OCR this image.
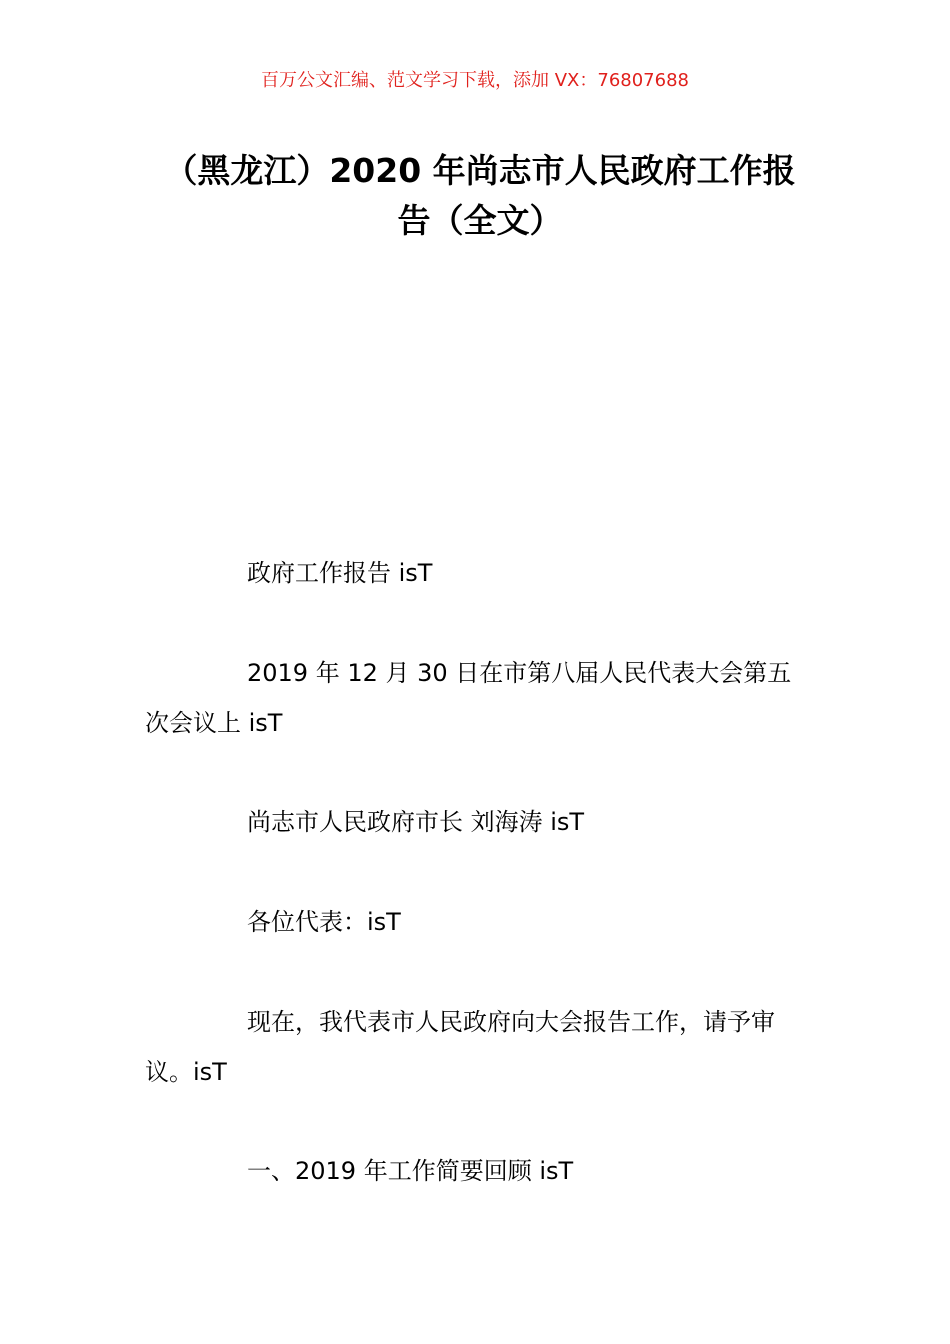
百万公文汇编、范文学习下载，添加 VX：76807688
（黑龙江）2020 年尚志市人民政府工作报告（全文）
政府工作报告 isT
2019 年 12 月 30 日在市第八届人民代表大会第五次会议上 isT
尚志市人民政府市长 刘海涛 isT
各位代表：isT
现在，我代表市人民政府向大会报告工作，请予审议。isT
一、2019 年工作简要回顾 isT
